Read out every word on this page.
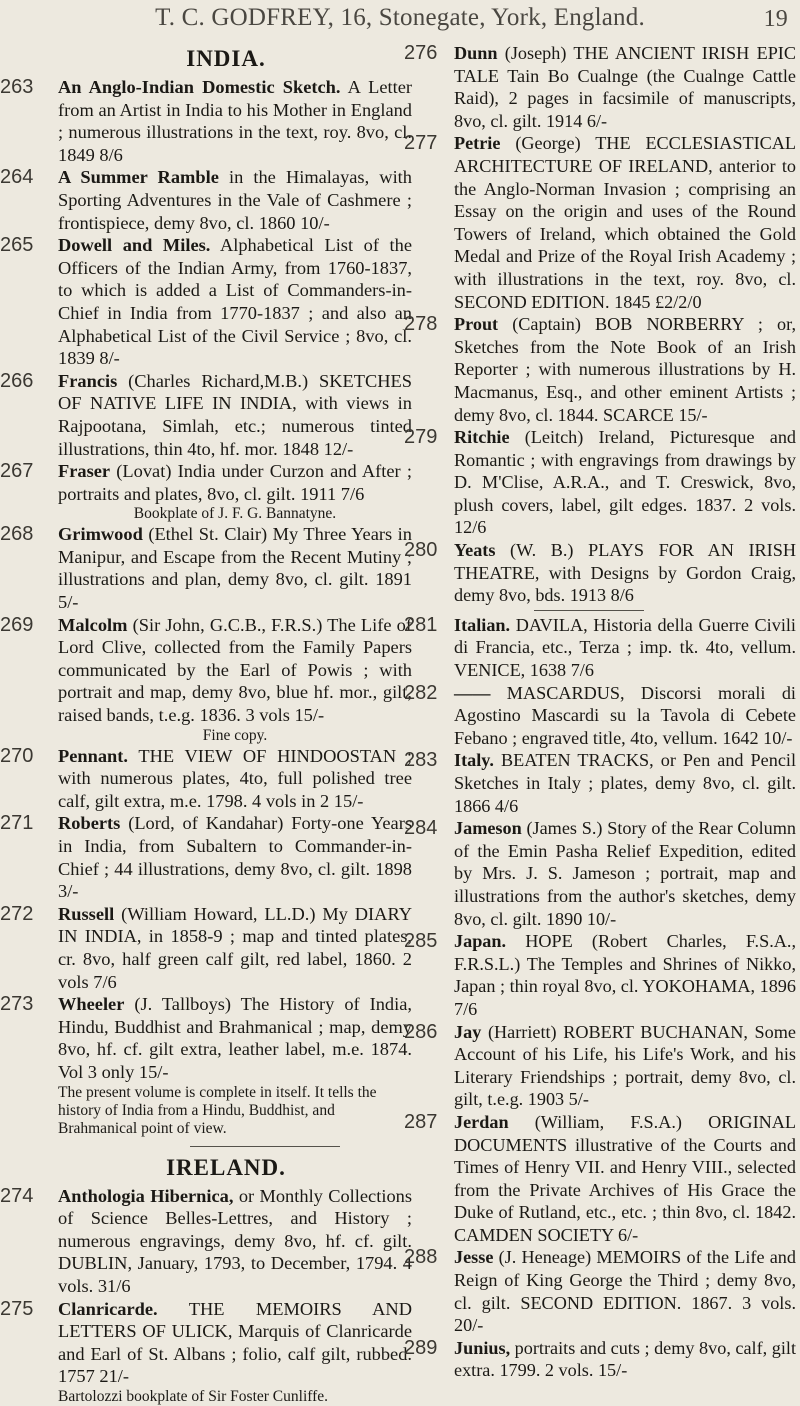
T. C. GODFREY, 16, Stonegate, York, England.	19
INDIA.
263	An Anglo-Indian Domestic Sketch. A Letter from an Artist in India to his Mother in England ; numerous illustrations in the text, roy. 8vo, cl. 1849 8/6
264	A Summer Ramble in the Himalayas, with Sporting Adventures in the Vale of Cashmere ; frontispiece, demy 8vo, cl. 1860 10/-
265	Dowell and Miles. Alphabetical List of the Officers of the Indian Army, from 1760-1837, to which is added a List of Commanders-in-Chief in India from 1770-1837 ; and also an Alphabetical List of the Civil Service ; 8vo, cl. 1839 8/-
266	Francis (Charles Richard,M.B.) SKETCHES OF NATIVE LIFE IN INDIA, with views in Rajpootana, Simlah, etc.; numerous tinted illustrations, thin 4to, hf. mor. 1848 12/-
267	Fraser (Lovat) India under Curzon and After ; portraits and plates, 8vo, cl. gilt. 1911 7/6
Bookplate of J. F. G. Bannatyne.
268	Grimwood (Ethel St. Clair) My Three Years in Manipur, and Escape from the Recent Mutiny ; illustrations and plan, demy 8vo, cl. gilt. 1891 5/-
269	Malcolm (Sir John, G.C.B., F.R.S.) The Life of Lord Clive, collected from the Family Papers communicated by the Earl of Powis ; with portrait and map, demy 8vo, blue hf. mor., gilt, raised bands, t.e.g. 1836. 3 vols 15/-
Fine copy.
270	Pennant. THE VIEW OF HINDOOSTAN ; with numerous plates, 4to, full polished tree calf, gilt extra, m.e. 1798. 4 vols in 2 15/-
271	Roberts (Lord, of Kandahar) Forty-one Years in India, from Subaltern to Commander-in-Chief ; 44 illustrations, demy 8vo, cl. gilt. 1898 3/-
272	Russell (William Howard, LL.D.) My DIARY IN INDIA, in 1858-9 ; map and tinted plates, cr. 8vo, half green calf gilt, red label, 1860. 2 vols 7/6
273	Wheeler (J. Tallboys) The History of India, Hindu, Buddhist and Brahmanical ; map, demy 8vo, hf. cf. gilt extra, leather label, m.e. 1874. Vol 3 only 15/-
The present volume is complete in itself. It tells the history of India from a Hindu, Buddhist, and Brahmanical point of view.
IRELAND.
274	Anthologia Hibernica, or Monthly Collections of Science Belles-Lettres, and History ; numerous engravings, demy 8vo, hf. cf. gilt. DUBLIN, January, 1793, to December, 1794. 4 vols. 31/6
275	Clanricarde. THE MEMOIRS AND LETTERS OF ULICK, Marquis of Clanricarde and Earl of St. Albans ; folio, calf gilt, rubbed. 1757 21/-
Bartolozzi bookplate of Sir Foster Cunliffe.
276 Dunn (Joseph) THE ANCIENT IRISH EPIC TALE Tain Bo Cualnge (the Cualnge Cattle Raid), 2 pages in facsimile of manuscripts, 8vo, cl. gilt. 1914 6/-
277 Petrie (George) THE ECCLESIASTICAL ARCHITECTURE OF IRELAND, anterior to the Anglo-Norman Invasion ; comprising an Essay on the origin and uses of the Round Towers of Ireland, which obtained the Gold Medal and Prize of the Royal Irish Academy ; with illustrations in the text, roy. 8vo, cl. SECOND EDITION. 1845 £2/2/0
278 Prout (Captain) BOB NORBERRY ; or, Sketches from the Note Book of an Irish Reporter ; with numerous illustrations by H. Macmanus, Esq., and other eminent Artists ; demy 8vo, cl. 1844. SCARCE 15/-
279 Ritchie (Leitch) Ireland, Picturesque and Romantic ; with engravings from drawings by D. M'Clise, A.R.A., and T. Creswick, 8vo, plush covers, label, gilt edges. 1837. 2 vols. 12/6
280 Yeats (W. B.) PLAYS FOR AN IRISH THEATRE, with Designs by Gordon Craig, demy 8vo, bds. 1913 8/6
281 Italian. DAVILA, Historia della Guerre Civili di Francia, etc., Terza ; imp. tk. 4to, vellum. VENICE, 1638 7/6
282 —— MASCARDUS, Discorsi morali di Agostino Mascardi su la Tavola di Cebete Febano ; engraved title, 4to, vellum. 1642 10/-
283 Italy. BEATEN TRACKS, or Pen and Pencil Sketches in Italy ; plates, demy 8vo, cl. gilt. 1866 4/6
284 Jameson (James S.) Story of the Rear Column of the Emin Pasha Relief Expedition, edited by Mrs. J. S. Jameson ; portrait, map and illustrations from the author's sketches, demy 8vo, cl. gilt. 1890 10/-
285 Japan. HOPE (Robert Charles, F.S.A., F.R.S.L.) The Temples and Shrines of Nikko, Japan ; thin royal 8vo, cl. YOKOHAMA, 1896 7/6
286 Jay (Harriett) ROBERT BUCHANAN, Some Account of his Life, his Life's Work, and his Literary Friendships ; portrait, demy 8vo, cl. gilt, t.e.g. 1903 5/-
287 Jerdan (William, F.S.A.) ORIGINAL DOCUMENTS illustrative of the Courts and Times of Henry VII. and Henry VIII., selected from the Private Archives of His Grace the Duke of Rutland, etc., etc. ; thin 8vo, cl. 1842. CAMDEN SOCIETY 6/-
288 Jesse (J. Heneage) MEMOIRS of the Life and Reign of King George the Third ; demy 8vo, cl. gilt. SECOND EDITION. 1867. 3 vols. 20/-
289 Junius, portraits and cuts ; demy 8vo, calf, gilt extra. 1799. 2 vols. 15/-
